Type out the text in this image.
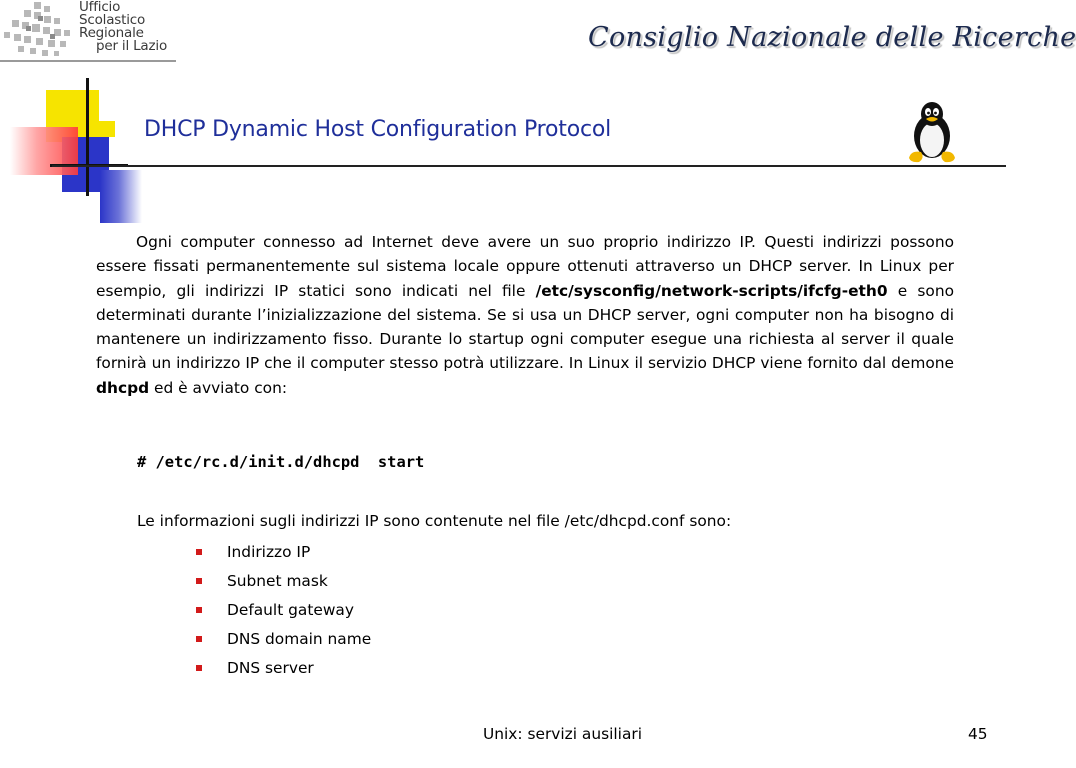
Ufficio
Scolastico
Regionale
per il Lazio	Consiglio Nazionale delle Ricerche
DHCP Dynamic Host Configuration Protocol

Ogni computer connesso ad Internet deve avere un suo proprio indirizzo IP. Questi indirizzi possono essere fissati permanentemente sul sistema locale oppure ottenuti attraverso un DHCP server. In Linux per esempio, gli indirizzi IP statici sono indicati nel file /etc/sysconfig/network-scripts/ifcfg-eth0 e sono determinati durante l’inizializzazione del sistema. Se si usa un DHCP server, ogni computer non ha bisogno di mantenere un indirizzamento fisso. Durante lo startup ogni computer esegue una richiesta al server il quale fornirà un indirizzo IP che il computer stesso potrà utilizzare. In Linux il servizio DHCP viene fornito dal demone dhcpd ed è avviato con:

# /etc/rc.d/init.d/dhcpd  start
Le informazioni sugli indirizzi IP sono contenute nel file /etc/dhcpd.conf sono:
Indirizzo IP
Subnet mask
Default gateway
DNS domain name
DNS server
Unix: servizi ausiliari	45
